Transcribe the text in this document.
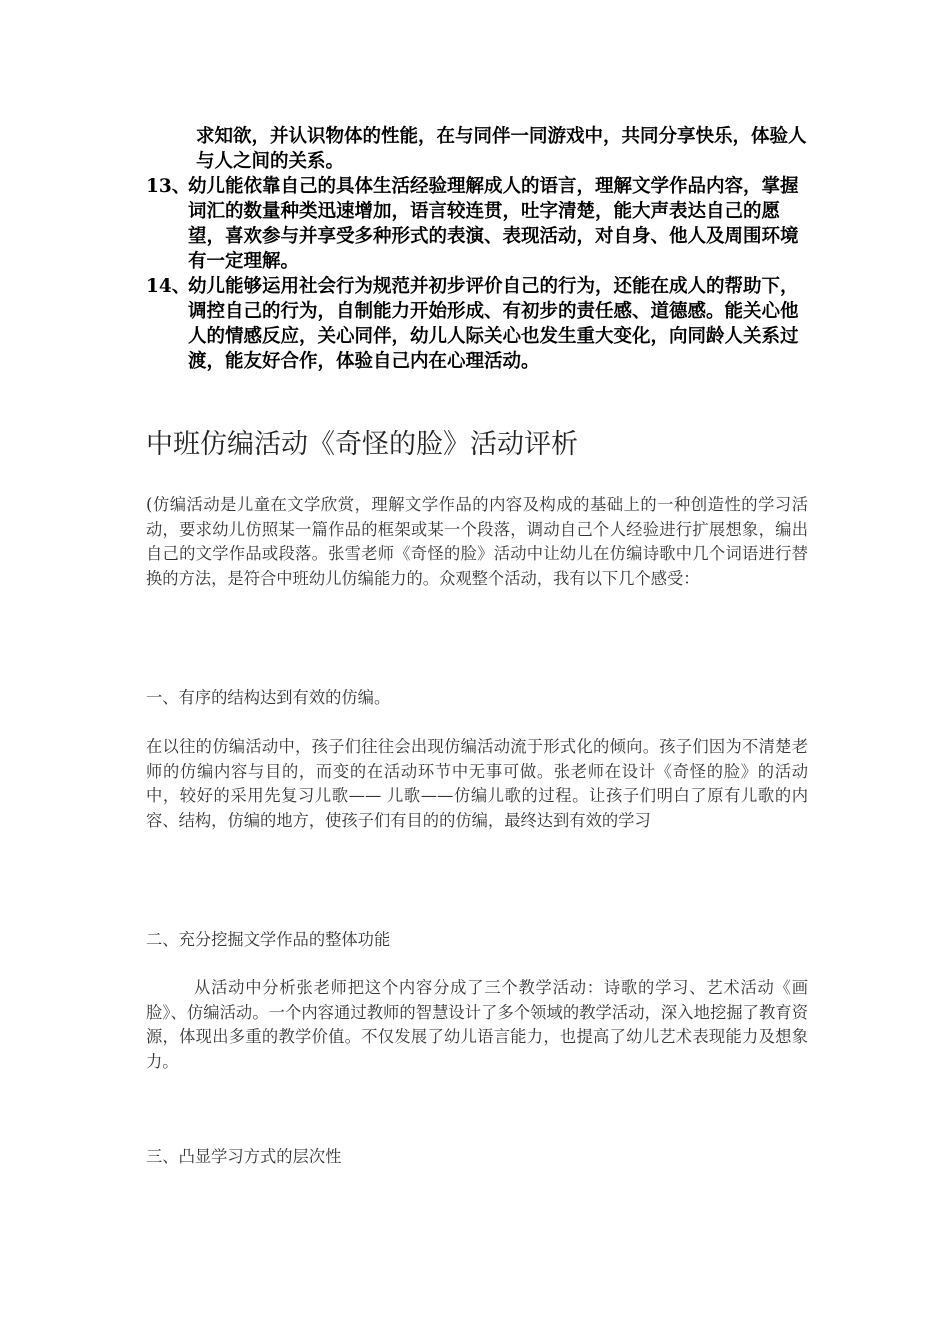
求知欲，并认识物体的性能，在与同伴一同游戏中，共同分享快乐，体验人与人之间的关系。
13、
幼儿能依靠自己的具体生活经验理解成人的语言，理解文学作品内容，掌握词汇的数量种类迅速增加，语言较连贯，吐字清楚，能大声表达自己的愿望，喜欢参与并享受多种形式的表演、表现活动，对自身、他人及周围环境有一定理解。
14、
幼儿能够运用社会行为规范并初步评价自己的行为，还能在成人的帮助下，调控自己的行为，自制能力开始形成、有初步的责任感、道德感。能关心他人的情感反应，关心同伴，幼儿人际关心也发生重大变化，向同龄人关系过渡，能友好合作，体验自己内在心理活动。
中班仿编活动《奇怪的脸》活动评析
(仿编活动是儿童在文学欣赏，理解文学作品的内容及构成的基础上的一种创造性的学习活动，要求幼儿仿照某一篇作品的框架或某一个段落，调动自己个人经验进行扩展想象，编出自己的文学作品或段落。张雪老师《奇怪的脸》活动中让幼儿在仿编诗歌中几个词语进行替换的方法，是符合中班幼儿仿编能力的。众观整个活动，我有以下几个感受：
一、有序的结构达到有效的仿编。
在以往的仿编活动中，孩子们往往会出现仿编活动流于形式化的倾向。孩子们因为不清楚老师的仿编内容与目的，而变的在活动环节中无事可做。张老师在设计《奇怪的脸》的活动中，较好的采用先复习儿歌—— 儿歌——仿编儿歌的过程。让孩子们明白了原有儿歌的内容、结构，仿编的地方，使孩子们有目的的仿编，最终达到有效的学习
二、充分挖掘文学作品的整体功能
从活动中分析张老师把这个内容分成了三个教学活动：诗歌的学习、艺术活动《画脸》、仿编活动。一个内容通过教师的智慧设计了多个领域的教学活动，深入地挖掘了教育资源，体现出多重的教学价值。不仅发展了幼儿语言能力，也提高了幼儿艺术表现能力及想象力。
三、凸显学习方式的层次性
